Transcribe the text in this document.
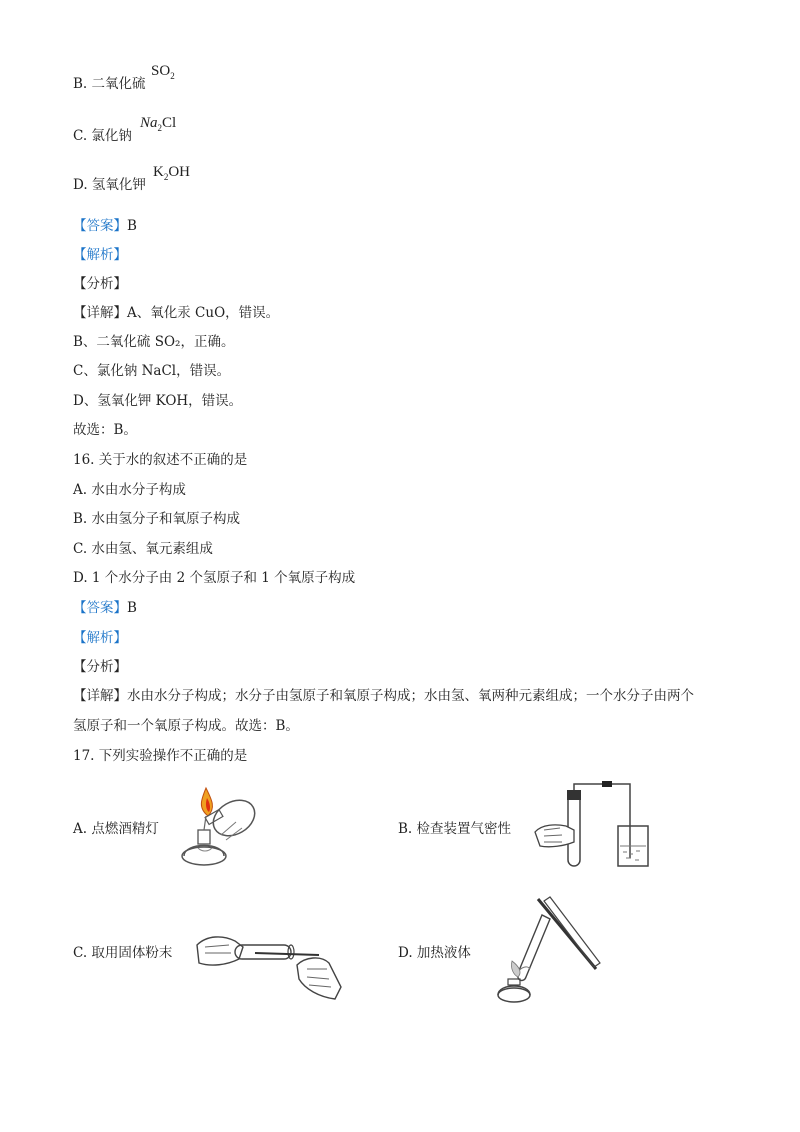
B. 二氧化硫
$SO_2$
C. 氯化钠
$Na_2Cl$
D. 氢氧化钾
$K_2OH$
【答案】B
【解析】
【分析】
【详解】A、氧化汞 CuO，错误。
B、二氧化硫 SO₂，正确。
C、氯化钠 NaCl，错误。
D、氢氧化钾 KOH，错误。
故选：B。
16. 关于水的叙述不正确的是
A. 水由水分子构成
B. 水由氢分子和氧原子构成
C. 水由氢、氧元素组成
D. 1 个水分子由 2 个氢原子和 1 个氧原子构成
【答案】B
【解析】
【分析】
【详解】水由水分子构成；水分子由氢原子和氧原子构成；水由氢、氧两种元素组成；一个水分子由两个
氢原子和一个氧原子构成。故选：B。
17. 下列实验操作不正确的是
A. 点燃酒精灯	B. 检查装置气密性
C. 取用固体粉末	D. 加热液体
